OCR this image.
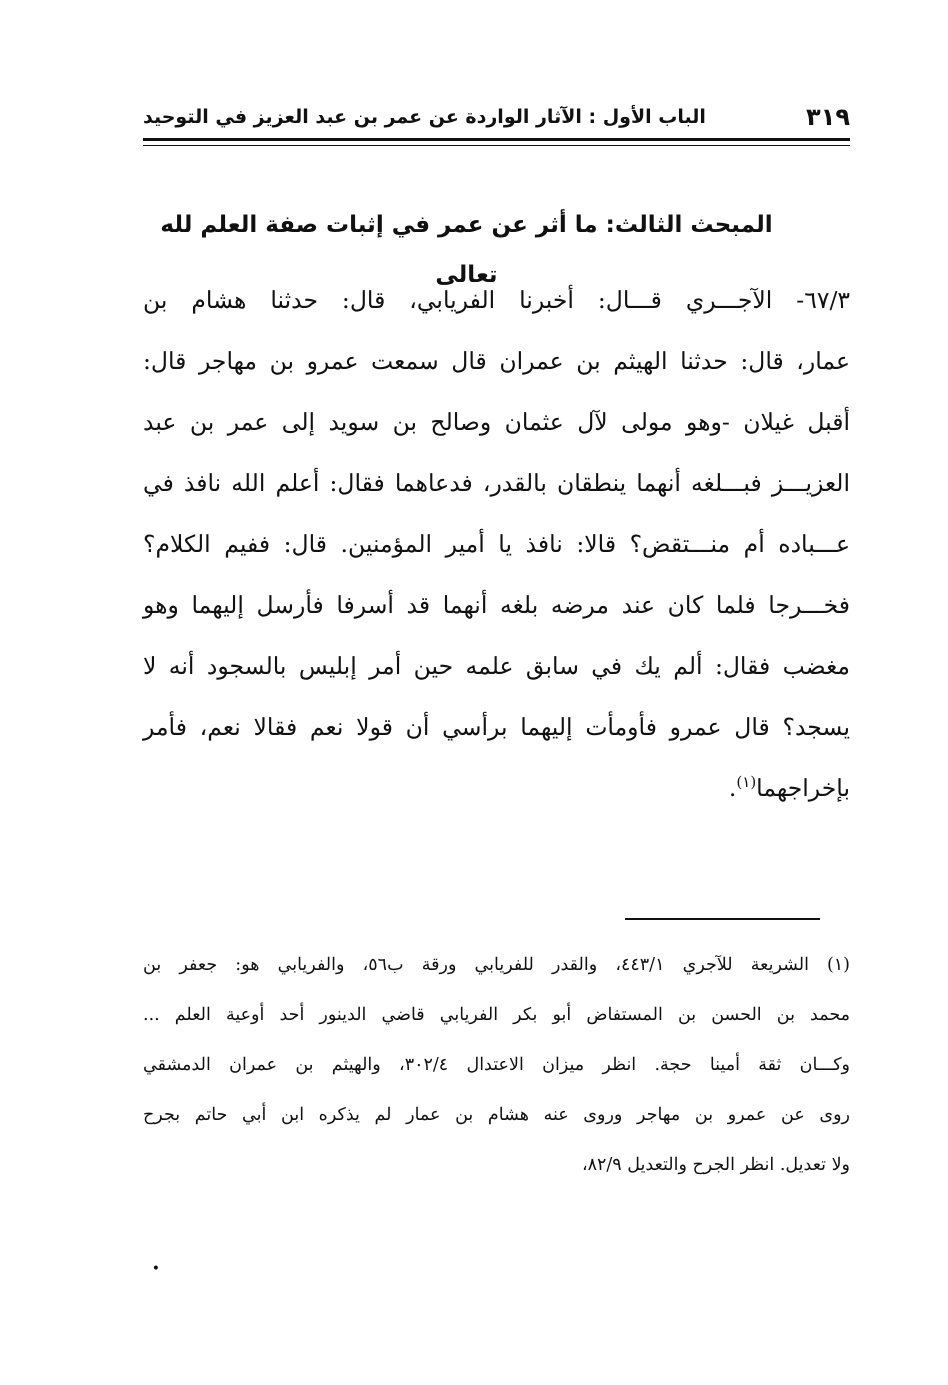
٣١٩
الباب الأول : الآثار الواردة عن عمر بن عبد العزيز في التوحيد
المبحث الثالث: ما أثر عن عمر في إثبات صفة العلم لله تعالى
٦٧/٣- الآجـــري قـــال: أخبرنا الفريابي، قال: حدثنا هشام بن
عمار، قال: حدثنا الهيثم بن عمران قال سمعت عمرو بن مهاجر قال:
أقبل غيلان -وهو مولى لآل عثمان وصالح بن سويد إلى عمر بن عبد
العزيـــز فبـــلغه أنهما ينطقان بالقدر، فدعاهما فقال: أعلم الله نافذ في
عـــباده أم منـــتقض؟ قالا: نافذ يا أمير المؤمنين. قال: ففيم الكلام؟
فخـــرجا فلما كان عند مرضه بلغه أنهما قد أسرفا فأرسل إليهما وهو
مغضب فقال: ألم يك في سابق علمه حين أمر إبليس بالسجود أنه لا
يسجد؟ قال عمرو فأومأت إليهما برأسي أن قولا نعم فقالا نعم، فأمر
بإخراجهما$^{(١)}$.
(١)الشريعة للآجري ٤٤٣/١، والقدر للفريابي ورقة ب٥٦، والفريابي هو: جعفر بن
محمد بن الحسن بن المستفاض أبو بكر الفريابي قاضي الدينور أحد أوعية العلم ...
وكـــان ثقة أمينا حجة. انظر ميزان الاعتدال ٣٠٢/٤، والهيثم بن عمران الدمشقي
روى عن عمرو بن مهاجر وروى عنه هشام بن عمار لم يذكره ابن أبي حاتم بجرح
ولا تعديل. انظر الجرح والتعديل ٨٢/٩،
•
